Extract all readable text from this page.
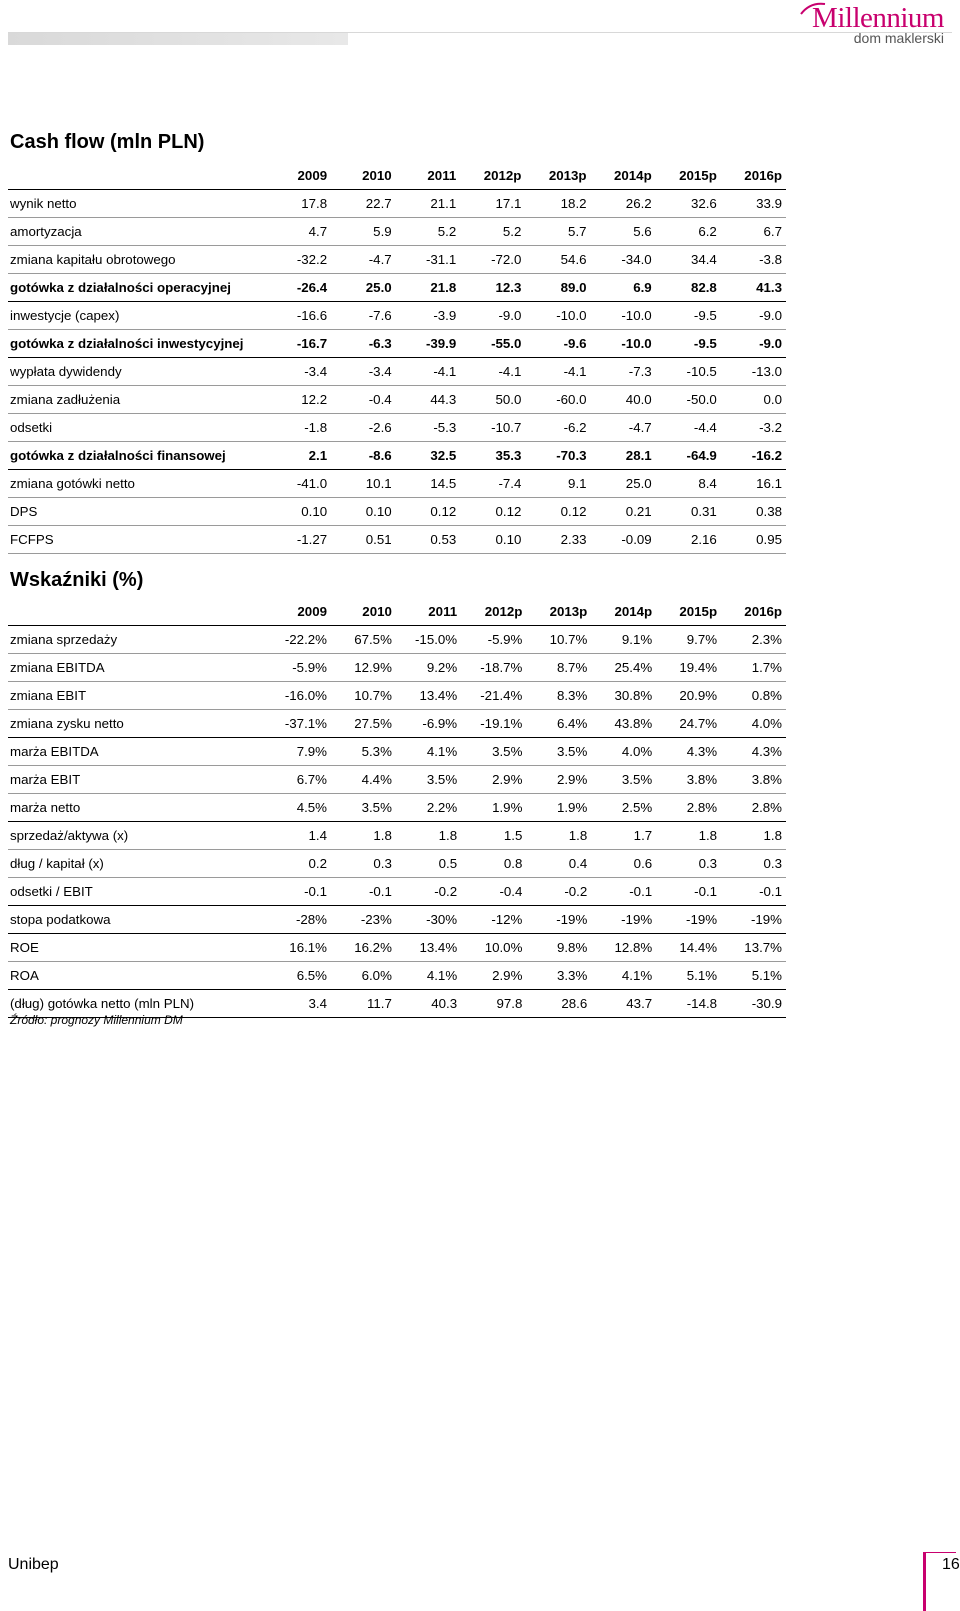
Millennium
dom maklerski
Cash flow (mln PLN)
	2009	2010	2011	2012p	2013p	2014p	2015p	2016p
wynik netto	17.8	22.7	21.1	17.1	18.2	26.2	32.6	33.9
amortyzacja	4.7	5.9	5.2	5.2	5.7	5.6	6.2	6.7
zmiana kapitału obrotowego	-32.2	-4.7	-31.1	-72.0	54.6	-34.0	34.4	-3.8
gotówka z działalności operacyjnej	-26.4	25.0	21.8	12.3	89.0	6.9	82.8	41.3
inwestycje (capex)	-16.6	-7.6	-3.9	-9.0	-10.0	-10.0	-9.5	-9.0
gotówka z działalności inwestycyjnej	-16.7	-6.3	-39.9	-55.0	-9.6	-10.0	-9.5	-9.0
wypłata dywidendy	-3.4	-3.4	-4.1	-4.1	-4.1	-7.3	-10.5	-13.0
zmiana zadłużenia	12.2	-0.4	44.3	50.0	-60.0	40.0	-50.0	0.0
odsetki	-1.8	-2.6	-5.3	-10.7	-6.2	-4.7	-4.4	-3.2
gotówka z działalności finansowej	2.1	-8.6	32.5	35.3	-70.3	28.1	-64.9	-16.2
zmiana gotówki netto	-41.0	10.1	14.5	-7.4	9.1	25.0	8.4	16.1
DPS	0.10	0.10	0.12	0.12	0.12	0.21	0.31	0.38
FCFPS	-1.27	0.51	0.53	0.10	2.33	-0.09	2.16	0.95
Wskaźniki (%)
	2009	2010	2011	2012p	2013p	2014p	2015p	2016p
zmiana sprzedaży	-22.2%	67.5%	-15.0%	-5.9%	10.7%	9.1%	9.7%	2.3%
zmiana EBITDA	-5.9%	12.9%	9.2%	-18.7%	8.7%	25.4%	19.4%	1.7%
zmiana EBIT	-16.0%	10.7%	13.4%	-21.4%	8.3%	30.8%	20.9%	0.8%
zmiana zysku netto	-37.1%	27.5%	-6.9%	-19.1%	6.4%	43.8%	24.7%	4.0%
marża EBITDA	7.9%	5.3%	4.1%	3.5%	3.5%	4.0%	4.3%	4.3%
marża EBIT	6.7%	4.4%	3.5%	2.9%	2.9%	3.5%	3.8%	3.8%
marża netto	4.5%	3.5%	2.2%	1.9%	1.9%	2.5%	2.8%	2.8%
sprzedaż/aktywa (x)	1.4	1.8	1.8	1.5	1.8	1.7	1.8	1.8
dług / kapitał (x)	0.2	0.3	0.5	0.8	0.4	0.6	0.3	0.3
odsetki / EBIT	-0.1	-0.1	-0.2	-0.4	-0.2	-0.1	-0.1	-0.1
stopa podatkowa	-28%	-23%	-30%	-12%	-19%	-19%	-19%	-19%
ROE	16.1%	16.2%	13.4%	10.0%	9.8%	12.8%	14.4%	13.7%
ROA	6.5%	6.0%	4.1%	2.9%	3.3%	4.1%	5.1%	5.1%
(dług) gotówka netto (mln PLN)	3.4	11.7	40.3	97.8	28.6	43.7	-14.8	-30.9
Źródło: prognozy Millennium DM
Unibep	16
